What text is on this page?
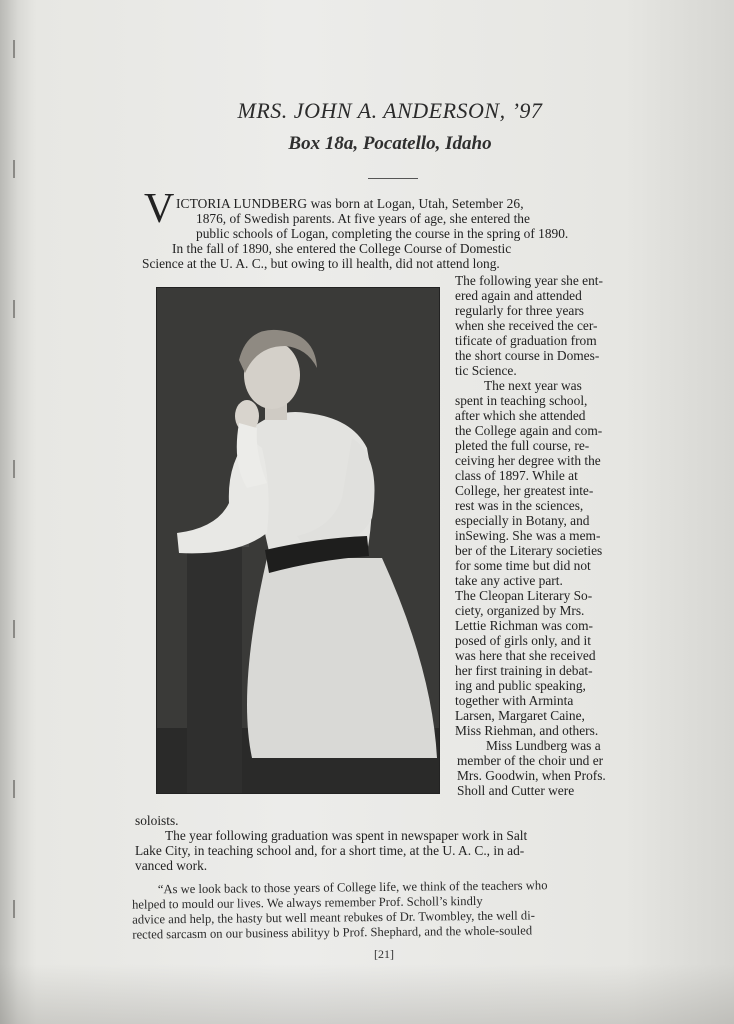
MRS. JOHN A. ANDERSON, ’97
Box 18a, Pocatello, Idaho
V ICTORIA LUNDBERG was born at Logan, Utah, Setember 26,
1876, of Swedish parents. At five years of age, she entered the
public schools of Logan, completing the course in the spring of 1890.
In the fall of 1890, she entered the College Course of Domestic
Science at the U. A. C., but owing to ill health, did not attend long.
The following year she ent-
ered again and attended
regularly for three years
when she received the cer-
tificate of graduation from
the short course in Domes-
tic Science.
The next year was
spent in teaching school,
after which she attended
the College again and com-
pleted the full course, re-
ceiving her degree with the
class of 1897. While at
College, her greatest inte-
rest was in the sciences,
especially in Botany, and
inSewing. She was a mem-
ber of the Literary societies
for some time but did not
take any active part.
The Cleopan Literary So-
ciety, organized by Mrs.
Lettie Richman was com-
posed of girls only, and it
was here that she received
her first training in debat-
ing and public speaking,
together with Arminta
Larsen, Margaret Caine,
Miss Riehman, and others.
Miss Lundberg was a
member of the choir und er
Mrs. Goodwin, when Profs.
Sholl and Cutter were
soloists.
The year following graduation was spent in newspaper work in Salt
Lake City, in teaching school and, for a short time, at the U. A. C., in ad-
vanced work.
“As we look back to those years of College life, we think of the teachers who
helped to mould our lives. We always remember Prof. Scholl’s kindly
advice and help, the hasty but well meant rebukes of Dr. Twombley, the well di-
rected sarcasm on our business abilityy b Prof. Shephard, and the whole-souled
[21]
